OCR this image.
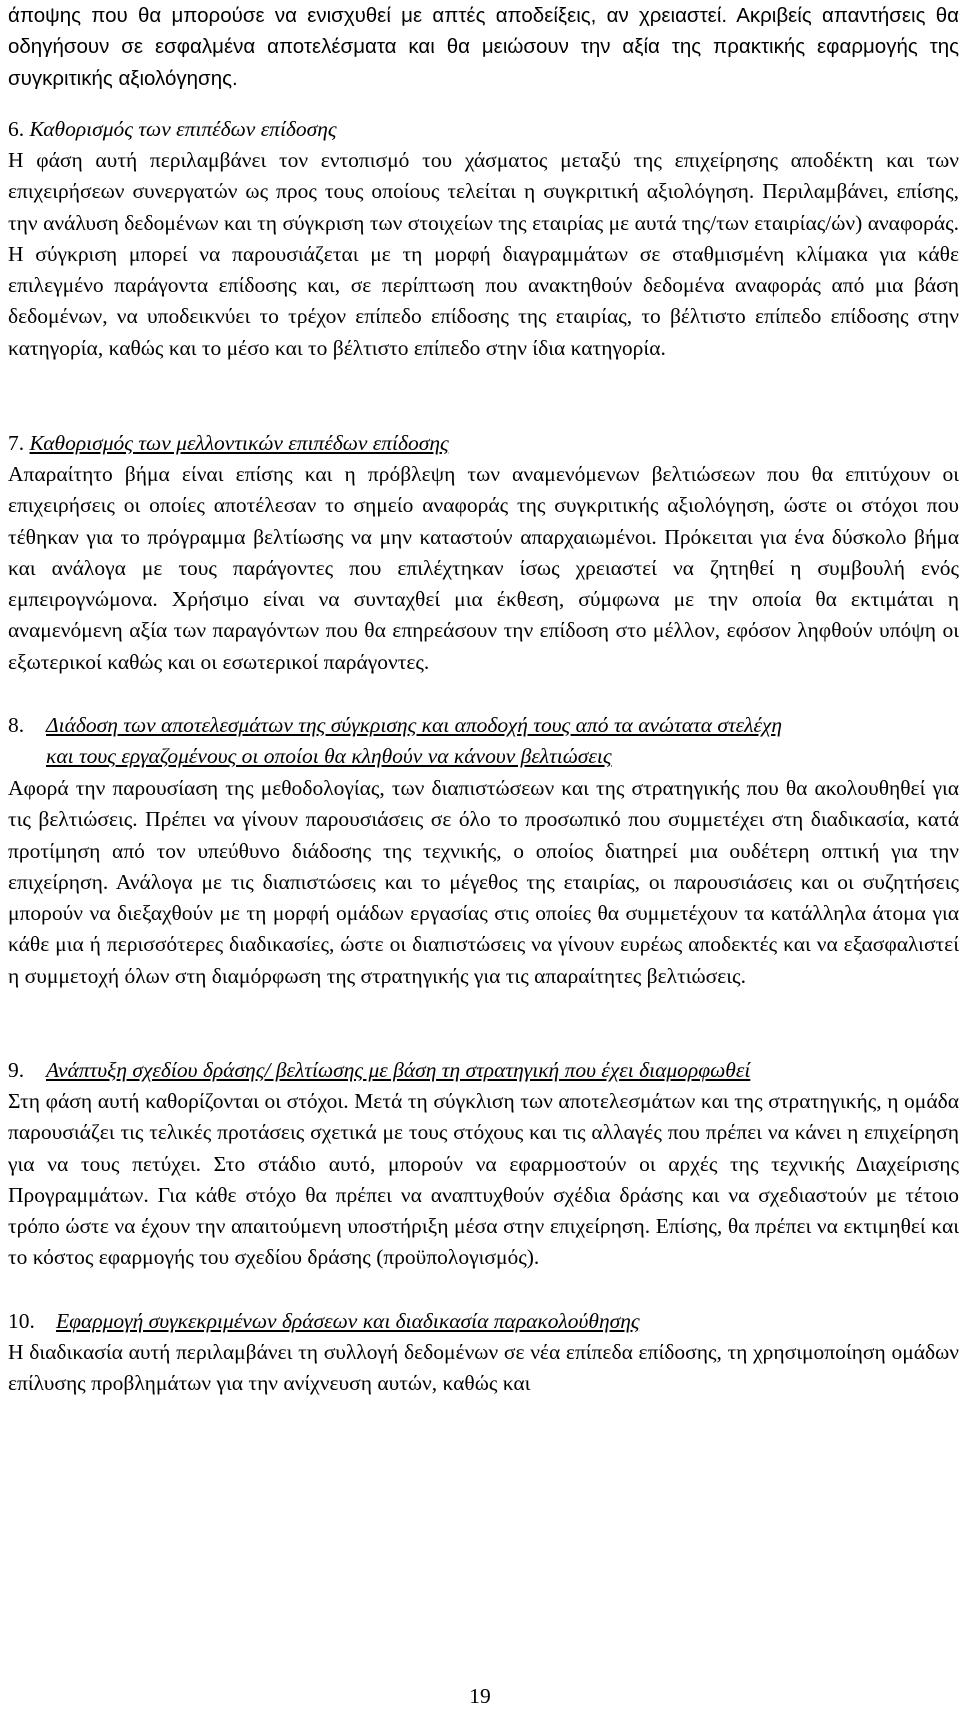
άποψης που θα μπορούσε να ενισχυθεί με απτές αποδείξεις, αν χρειαστεί. Ακριβείς απαντήσεις θα οδηγήσουν σε εσφαλμένα αποτελέσματα και θα μειώσουν την αξία της πρακτικής εφαρμογής της συγκριτικής αξιολόγησης.

6. Καθορισμός των επιπέδων επίδοσης

Η φάση αυτή περιλαμβάνει τον εντοπισμό του χάσματος μεταξύ της επιχείρησης αποδέκτη και των επιχειρήσεων συνεργατών ως προς τους οποίους τελείται η συγκριτική αξιολόγηση. Περιλαμβάνει, επίσης, την ανάλυση δεδομένων και τη σύγκριση των στοιχείων της εταιρίας με αυτά της/των εταιρίας/ών) αναφοράς. Η σύγκριση μπορεί να παρουσιάζεται με τη μορφή διαγραμμάτων σε σταθμισμένη κλίμακα για κάθε επιλεγμένο παράγοντα επίδοσης και, σε περίπτωση που ανακτηθούν δεδομένα αναφοράς από μια βάση δεδομένων, να υποδεικνύει το τρέχον επίπεδο επίδοσης της εταιρίας, το βέλτιστο επίπεδο επίδοσης στην κατηγορία, καθώς και το μέσο και το βέλτιστο επίπεδο στην ίδια κατηγορία.

7. Καθορισμός των μελλοντικών επιπέδων επίδοσης

Απαραίτητο βήμα είναι επίσης και η πρόβλεψη των αναμενόμενων βελτιώσεων που θα επιτύχουν οι επιχειρήσεις οι οποίες αποτέλεσαν το σημείο αναφοράς της συγκριτικής αξιολόγηση, ώστε οι στόχοι που τέθηκαν για το πρόγραμμα βελτίωσης να μην καταστούν απαρχαιωμένοι. Πρόκειται για ένα δύσκολο βήμα και ανάλογα με τους παράγοντες που επιλέχτηκαν ίσως χρειαστεί να ζητηθεί η συμβουλή ενός εμπειρογνώμονα. Χρήσιμο είναι να συνταχθεί μια έκθεση, σύμφωνα με την οποία θα εκτιμάται η αναμενόμενη αξία των παραγόντων που θα επηρεάσουν την επίδοση στο μέλλον, εφόσον ληφθούν υπόψη οι εξωτερικοί καθώς και οι εσωτερικοί παράγοντες.

8. Διάδοση των αποτελεσμάτων της σύγκρισης και αποδοχή τους από τα ανώτατα στελέχη
και τους εργαζομένους οι οποίοι θα κληθούν να κάνουν βελτιώσεις

Αφορά την παρουσίαση της μεθοδολογίας, των διαπιστώσεων και της στρατηγικής που θα ακολουθηθεί για τις βελτιώσεις. Πρέπει να γίνουν παρουσιάσεις σε όλο το προσωπικό που συμμετέχει στη διαδικασία, κατά προτίμηση από τον υπεύθυνο διάδοσης της τεχνικής, ο οποίος διατηρεί μια ουδέτερη οπτική για την επιχείρηση. Ανάλογα με τις διαπιστώσεις και το μέγεθος της εταιρίας, οι παρουσιάσεις και οι συζητήσεις μπορούν να διεξαχθούν με τη μορφή ομάδων εργασίας στις οποίες θα συμμετέχουν τα κατάλληλα άτομα για κάθε μια ή περισσότερες διαδικασίες, ώστε οι διαπιστώσεις να γίνουν ευρέως αποδεκτές και να εξασφαλιστεί η συμμετοχή όλων στη διαμόρφωση της στρατηγικής για τις απαραίτητες βελτιώσεις.

9. Ανάπτυξη σχεδίου δράσης/ βελτίωσης με βάση τη στρατηγική που έχει διαμορφωθεί

Στη φάση αυτή καθορίζονται οι στόχοι. Μετά τη σύγκλιση των αποτελεσμάτων και της στρατηγικής, η ομάδα παρουσιάζει τις τελικές προτάσεις σχετικά με τους στόχους και τις αλλαγές που πρέπει να κάνει η επιχείρηση για να τους πετύχει. Στο στάδιο αυτό, μπορούν να εφαρμοστούν οι αρχές της τεχνικής Διαχείρισης Προγραμμάτων. Για κάθε στόχο θα πρέπει να αναπτυχθούν σχέδια δράσης και να σχεδιαστούν με τέτοιο τρόπο ώστε να έχουν την απαιτούμενη υποστήριξη μέσα στην επιχείρηση. Επίσης, θα πρέπει να εκτιμηθεί και το κόστος εφαρμογής του σχεδίου δράσης (προϋπολογισμός).

10. Εφαρμογή συγκεκριμένων δράσεων και διαδικασία παρακολούθησης

Η διαδικασία αυτή περιλαμβάνει τη συλλογή δεδομένων σε νέα επίπεδα επίδοσης, τη χρησιμοποίηση ομάδων επίλυσης προβλημάτων για την ανίχνευση αυτών, καθώς και

19
